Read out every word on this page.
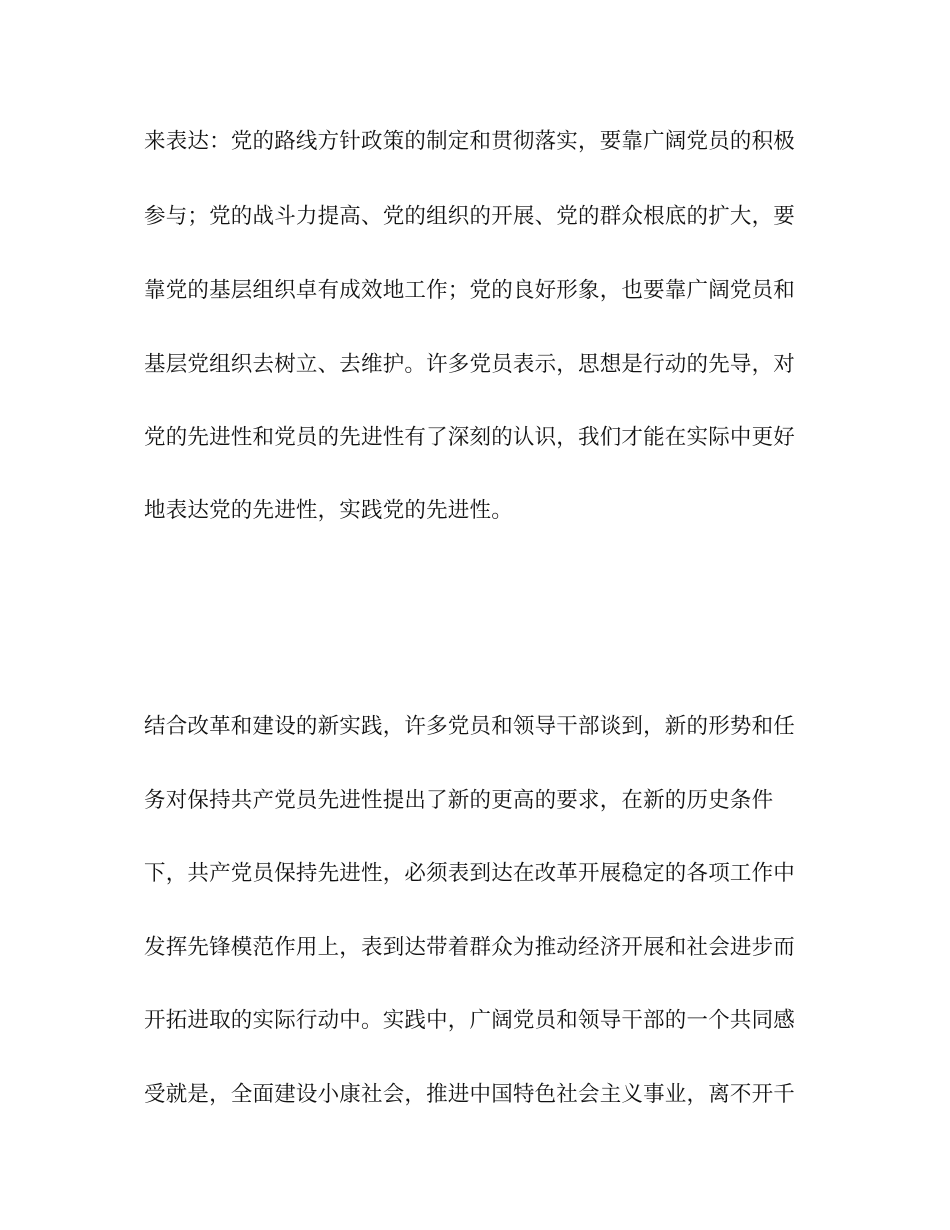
来表达：党的路线方针政策的制定和贯彻落实，要靠广阔党员的积极

参与；党的战斗力提高、党的组织的开展、党的群众根底的扩大，要

靠党的基层组织卓有成效地工作；党的良好形象，也要靠广阔党员和

基层党组织去树立、去维护。许多党员表示，思想是行动的先导，对

党的先进性和党员的先进性有了深刻的认识，我们才能在实际中更好

地表达党的先进性，实践党的先进性。

结合改革和建设的新实践，许多党员和领导干部谈到，新的形势和任

务对保持共产党员先进性提出了新的更高的要求，在新的历史条件

下，共产党员保持先进性，必须表到达在改革开展稳定的各项工作中

发挥先锋模范作用上，表到达带着群众为推动经济开展和社会进步而

开拓进取的实际行动中。实践中，广阔党员和领导干部的一个共同感

受就是，全面建设小康社会，推进中国特色社会主义事业，离不开千
